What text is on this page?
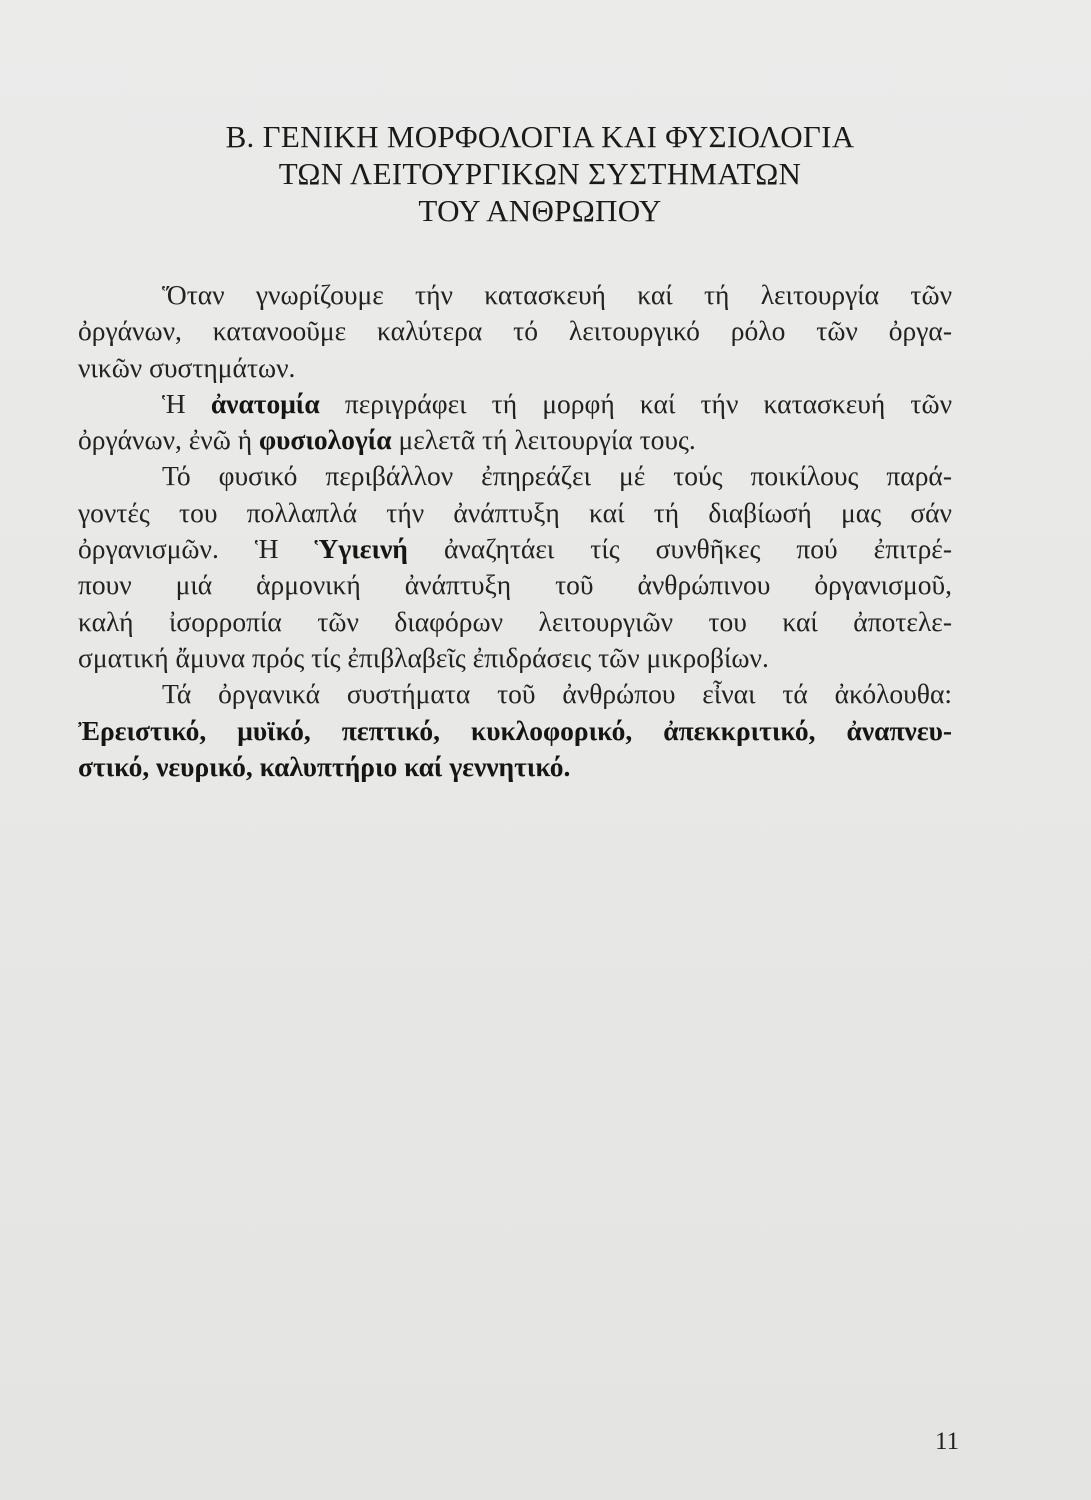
Β. ΓΕΝΙΚΗ ΜΟΡΦΟΛΟΓΙΑ ΚΑΙ ΦΥΣΙΟΛΟΓΙΑ
ΤΩΝ ΛΕΙΤΟΥΡΓΙΚΩΝ ΣΥΣΤΗΜΑΤΩΝ
ΤΟΥ ΑΝΘΡΩΠΟΥ

Ὅταν γνωρίζουμε τήν κατασκευή καί τή λειτουργία τῶν
ὀργάνων, κατανοοῦμε καλύτερα τό λειτουργικό ρόλο τῶν ὀργα-
νικῶν συστημάτων.

Ἡ ἀνατομία περιγράφει τή μορφή καί τήν κατασκευή τῶν
ὀργάνων, ἐνῶ ἡ φυσιολογία μελετᾶ τή λειτουργία τους.

Τό φυσικό περιβάλλον ἐπηρεάζει μέ τούς ποικίλους παρά-
γοντές του πολλαπλά τήν ἀνάπτυξη καί τή διαβίωσή μας σάν
ὀργανισμῶν. Ἡ Ὑγιεινή ἀναζητάει τίς συνθῆκες πού ἐπιτρέ-
πουν μιά ἁρμονική ἀνάπτυξη τοῦ ἀνθρώπινου ὀργανισμοῦ,
καλή ἰσορροπία τῶν διαφόρων λειτουργιῶν του καί ἀποτελε-
σματική ἄμυνα πρός τίς ἐπιβλαβεῖς ἐπιδράσεις τῶν μικροβίων.

Τά ὀργανικά συστήματα τοῦ ἀνθρώπου εἶναι τά ἀκόλουθα:
Ἐρειστικό, μυϊκό, πεπτικό, κυκλοφορικό, ἀπεκκριτικό, ἀναπνευ-
στικό, νευρικό, καλυπτήριο καί γεννητικό.

11
